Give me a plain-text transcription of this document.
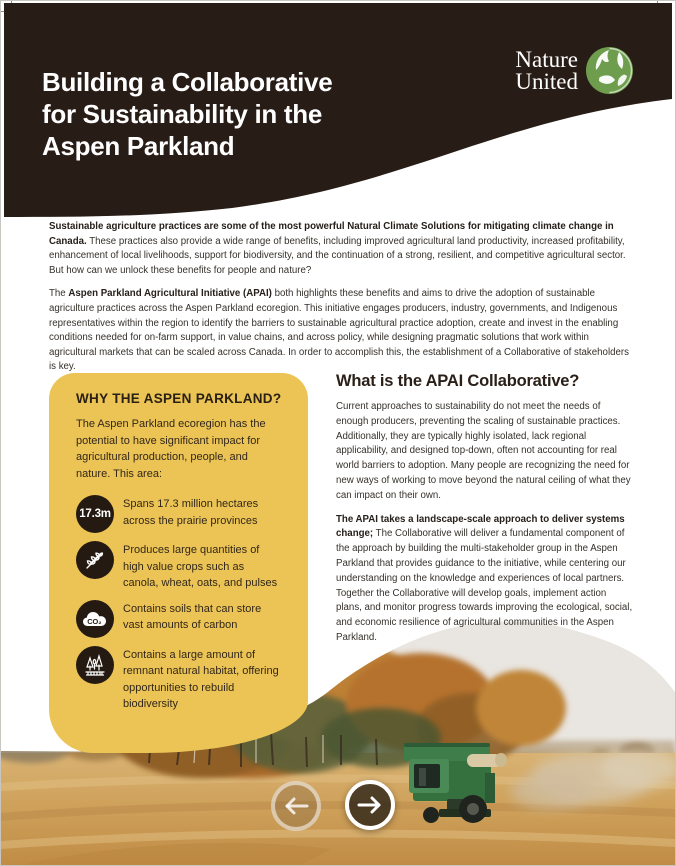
Building a Collaborative
for Sustainability in the
Aspen Parkland
Nature
United

Sustainable agriculture practices are some of the most powerful Natural Climate Solutions for mitigating climate change in Canada. These practices also provide a wide range of benefits, including improved agricultural land productivity, increased profitability, enhancement of local livelihoods, support for biodiversity, and the continuation of a strong, resilient, and competitive agricultural sector. But how can we unlock these benefits for people and nature?

The Aspen Parkland Agricultural Initiative (APAI) both highlights these benefits and aims to drive the adoption of sustainable agriculture practices across the Aspen Parkland ecoregion. This initiative engages producers, industry, governments, and Indigenous representatives within the region to identify the barriers to sustainable agricultural practice adoption, create and invest in the enabling conditions needed for on-farm support, in value chains, and across policy, while designing pragmatic solutions that work within agricultural markets that can be scaled across Canada. In order to accomplish this, the establishment of a Collaborative of stakeholders is key.

WHY THE ASPEN PARKLAND?

The Aspen Parkland ecoregion has the potential to have significant impact for agricultural production, people, and nature. This area:

17.3m
Spans 17.3 million hectares across the prairie provinces
Produces large quantities of high value crops such as canola, wheat, oats, and pulses
CO₂
Contains soils that can store vast amounts of carbon
Contains a large amount of remnant natural habitat, offering opportunities to rebuild biodiversity
What is the APAI Collaborative?

Current approaches to sustainability do not meet the needs of enough producers, preventing the scaling of sustainable practices. Additionally, they are typically highly isolated, lack regional applicability, and designed top-down, often not accounting for real world barriers to adoption. Many people are recognizing the need for new ways of working to move beyond the natural ceiling of what they can impact on their own.

The APAI takes a landscape-scale approach to deliver systems change; The Collaborative will deliver a fundamental component of the approach by building the multi-stakeholder group in the Aspen Parkland that provides guidance to the initiative, while centering our understanding on the knowledge and experiences of local partners. Together the Collaborative will develop goals, implement action plans, and monitor progress towards improving the ecological, social, and economic resilience of agricultural communities in the Aspen Parkland.
